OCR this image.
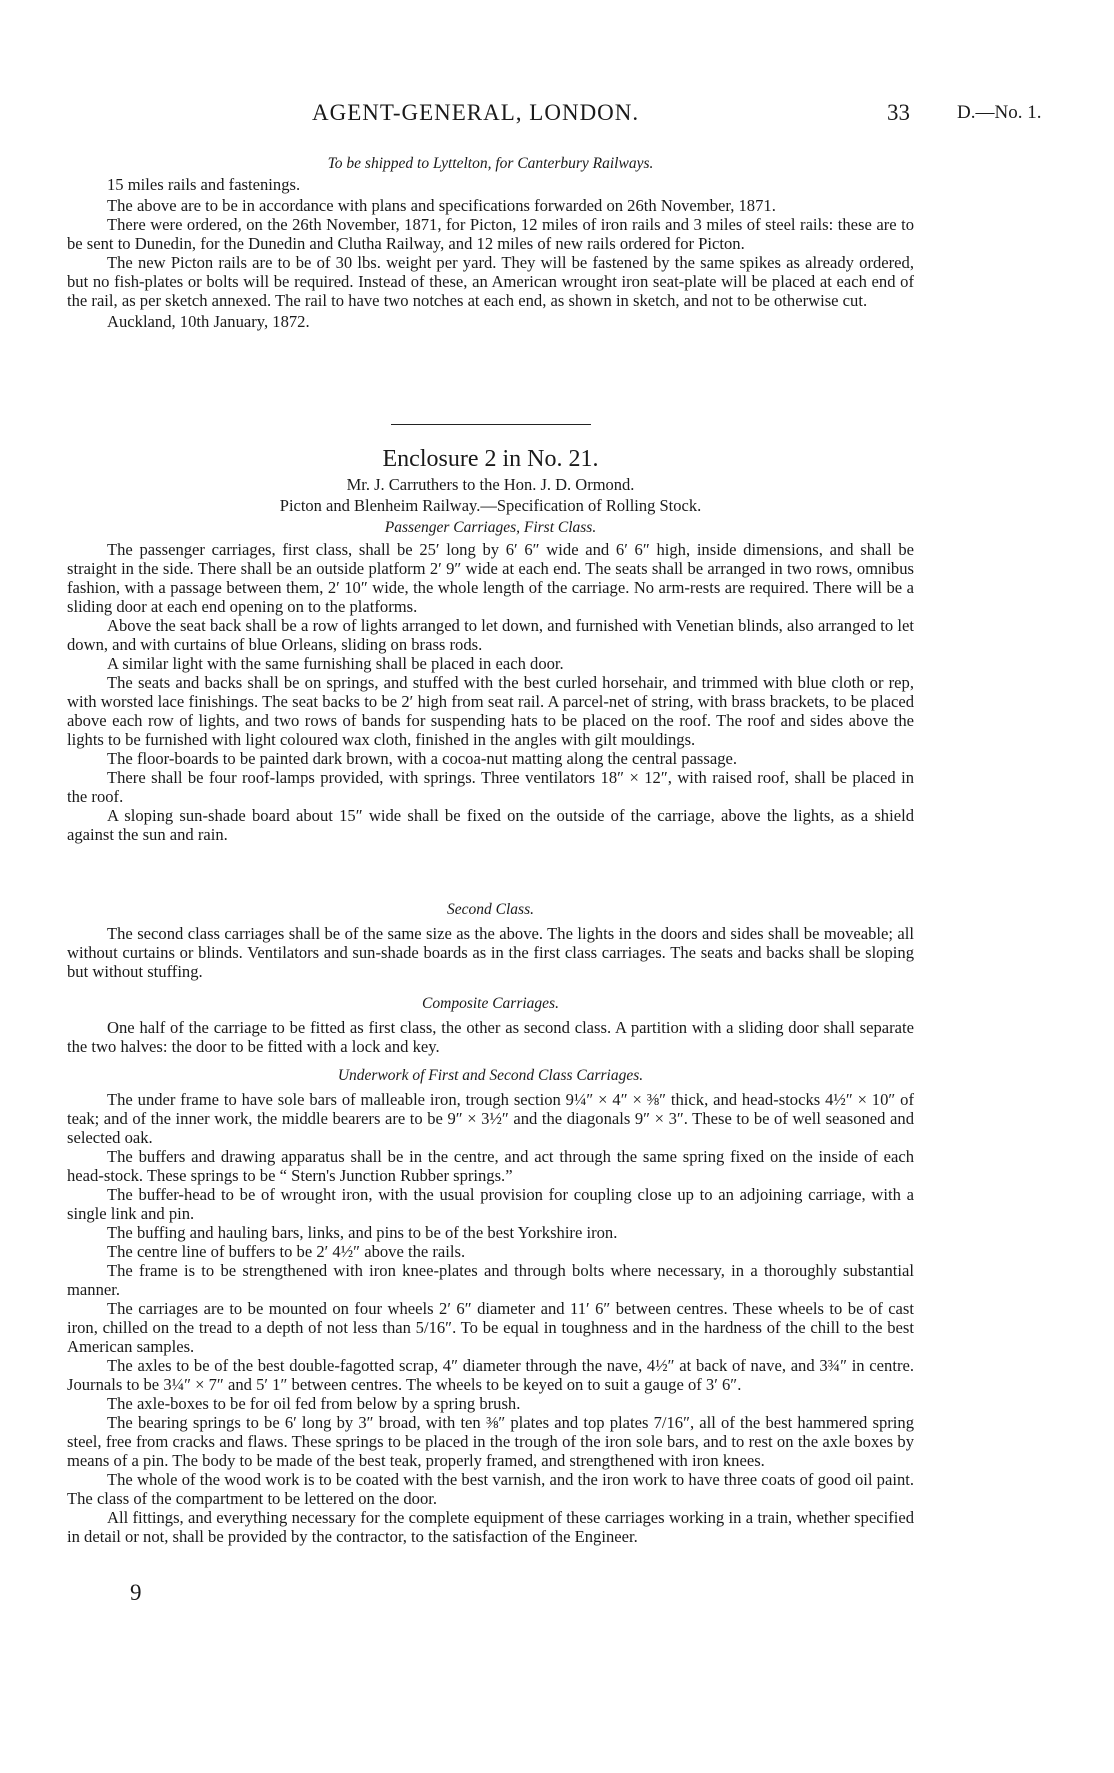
AGENT-GENERAL, LONDON.	33 D.—No. 1.

To be shipped to Lyttelton, for Canterbury Railways.

15 miles rails and fastenings.

The above are to be in accordance with plans and specifications forwarded on 26th November, 1871.

There were ordered, on the 26th November, 1871, for Picton, 12 miles of iron rails and 3 miles of steel rails: these are to be sent to Dunedin, for the Dunedin and Clutha Railway, and 12 miles of new rails ordered for Picton.

The new Picton rails are to be of 30 lbs. weight per yard. They will be fastened by the same spikes as already ordered, but no fish-plates or bolts will be required. Instead of these, an American wrought iron seat-plate will be placed at each end of the rail, as per sketch annexed. The rail to have two notches at each end, as shown in sketch, and not to be otherwise cut.

Auckland, 10th January, 1872.

Enclosure 2 in No. 21.

Mr. J. Carruthers to the Hon. J. D. Ormond.

Picton and Blenheim Railway.—Specification of Rolling Stock.

Passenger Carriages, First Class.

The passenger carriages, first class, shall be 25′ long by 6′ 6″ wide and 6′ 6″ high, inside dimensions, and shall be straight in the side. There shall be an outside platform 2′ 9″ wide at each end. The seats shall be arranged in two rows, omnibus fashion, with a passage between them, 2′ 10″ wide, the whole length of the carriage. No arm-rests are required. There will be a sliding door at each end opening on to the platforms.

Above the seat back shall be a row of lights arranged to let down, and furnished with Venetian blinds, also arranged to let down, and with curtains of blue Orleans, sliding on brass rods.

A similar light with the same furnishing shall be placed in each door.

The seats and backs shall be on springs, and stuffed with the best curled horsehair, and trimmed with blue cloth or rep, with worsted lace finishings. The seat backs to be 2′ high from seat rail. A parcel-net of string, with brass brackets, to be placed above each row of lights, and two rows of bands for suspending hats to be placed on the roof. The roof and sides above the lights to be furnished with light coloured wax cloth, finished in the angles with gilt mouldings.

The floor-boards to be painted dark brown, with a cocoa-nut matting along the central passage.

There shall be four roof-lamps provided, with springs. Three ventilators 18″ × 12″, with raised roof, shall be placed in the roof.

A sloping sun-shade board about 15″ wide shall be fixed on the outside of the carriage, above the lights, as a shield against the sun and rain.

Second Class.

The second class carriages shall be of the same size as the above. The lights in the doors and sides shall be moveable; all without curtains or blinds. Ventilators and sun-shade boards as in the first class carriages. The seats and backs shall be sloping but without stuffing.

Composite Carriages.

One half of the carriage to be fitted as first class, the other as second class. A partition with a sliding door shall separate the two halves: the door to be fitted with a lock and key.

Underwork of First and Second Class Carriages.

The under frame to have sole bars of malleable iron, trough section 9¼″ × 4″ × ⅜″ thick, and head-stocks 4½″ × 10″ of teak; and of the inner work, the middle bearers are to be 9″ × 3½″ and the diagonals 9″ × 3″. These to be of well seasoned and selected oak.

The buffers and drawing apparatus shall be in the centre, and act through the same spring fixed on the inside of each head-stock. These springs to be “ Stern's Junction Rubber springs.”

The buffer-head to be of wrought iron, with the usual provision for coupling close up to an adjoining carriage, with a single link and pin.

The buffing and hauling bars, links, and pins to be of the best Yorkshire iron.

The centre line of buffers to be 2′ 4½″ above the rails.

The frame is to be strengthened with iron knee-plates and through bolts where necessary, in a thoroughly substantial manner.

The carriages are to be mounted on four wheels 2′ 6″ diameter and 11′ 6″ between centres. These wheels to be of cast iron, chilled on the tread to a depth of not less than 5/16″. To be equal in toughness and in the hardness of the chill to the best American samples.

The axles to be of the best double-fagotted scrap, 4″ diameter through the nave, 4½″ at back of nave, and 3¾″ in centre. Journals to be 3¼″ × 7″ and 5′ 1″ between centres. The wheels to be keyed on to suit a gauge of 3′ 6″.

The axle-boxes to be for oil fed from below by a spring brush.

The bearing springs to be 6′ long by 3″ broad, with ten ⅜″ plates and top plates 7/16″, all of the best hammered spring steel, free from cracks and flaws. These springs to be placed in the trough of the iron sole bars, and to rest on the axle boxes by means of a pin. The body to be made of the best teak, properly framed, and strengthened with iron knees.

The whole of the wood work is to be coated with the best varnish, and the iron work to have three coats of good oil paint. The class of the compartment to be lettered on the door.

All fittings, and everything necessary for the complete equipment of these carriages working in a train, whether specified in detail or not, shall be provided by the contractor, to the satisfaction of the Engineer.

9
